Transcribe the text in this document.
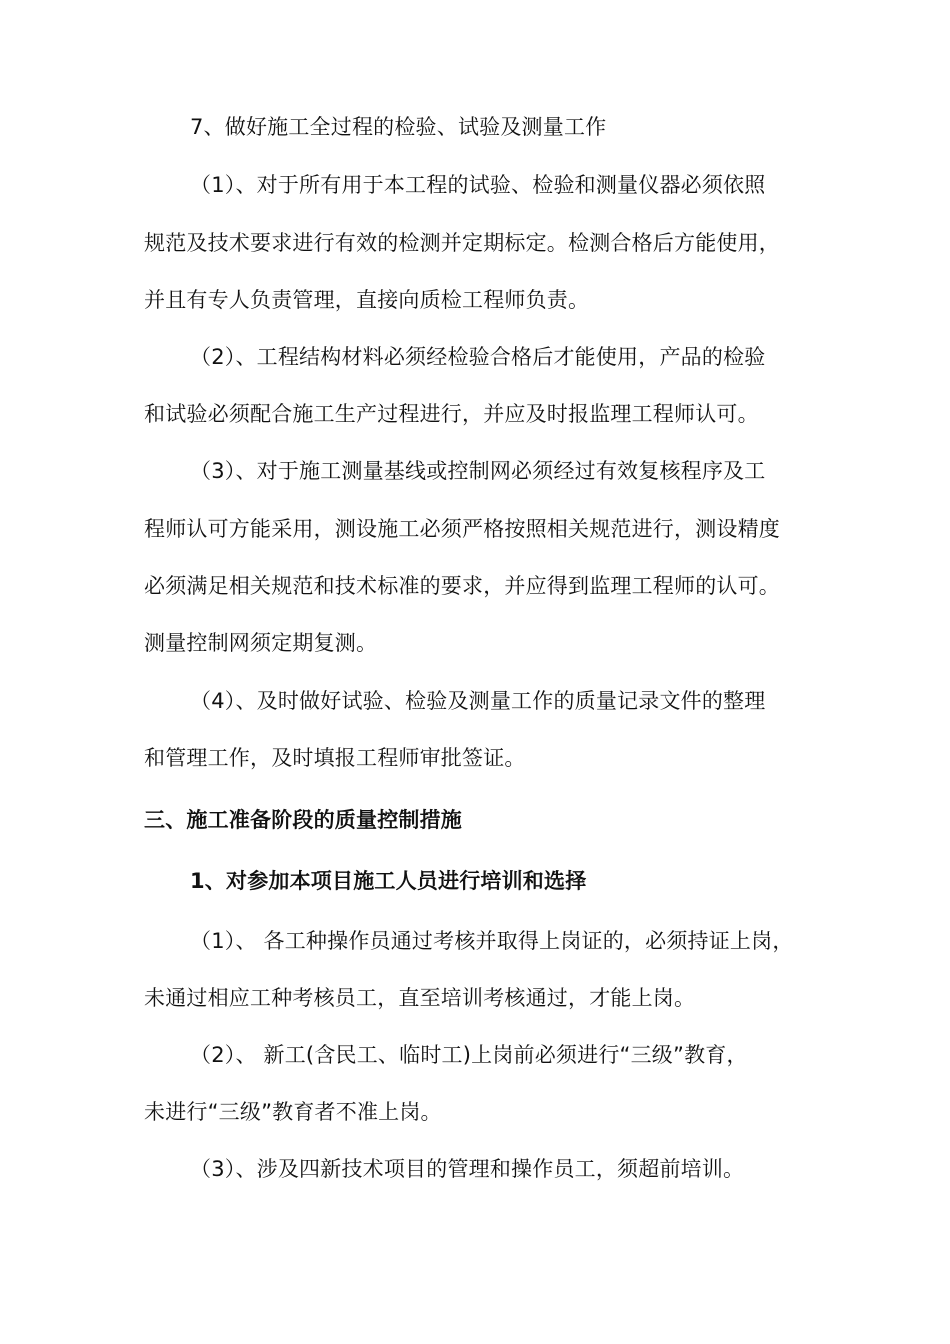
7、做好施工全过程的检验、试验及测量工作
（1）、对于所有用于本工程的试验、检验和测量仪器必须依照
规范及技术要求进行有效的检测并定期标定。检测合格后方能使用，
并且有专人负责管理，直接向质检工程师负责。
（2）、工程结构材料必须经检验合格后才能使用，产品的检验
和试验必须配合施工生产过程进行，并应及时报监理工程师认可。
（3）、对于施工测量基线或控制网必须经过有效复核程序及工
程师认可方能采用，测设施工必须严格按照相关规范进行，测设精度
必须满足相关规范和技术标准的要求，并应得到监理工程师的认可。
测量控制网须定期复测。
（4）、及时做好试验、检验及测量工作的质量记录文件的整理
和管理工作，及时填报工程师审批签证。
三、施工准备阶段的质量控制措施
1、对参加本项目施工人员进行培训和选择
（1）、 各工种操作员通过考核并取得上岗证的，必须持证上岗，
未通过相应工种考核员工，直至培训考核通过，才能上岗。
（2）、 新工(含民工、临时工)上岗前必须进行“三级”教育，
未进行“三级”教育者不准上岗。
（3）、涉及四新技术项目的管理和操作员工，须超前培训。
